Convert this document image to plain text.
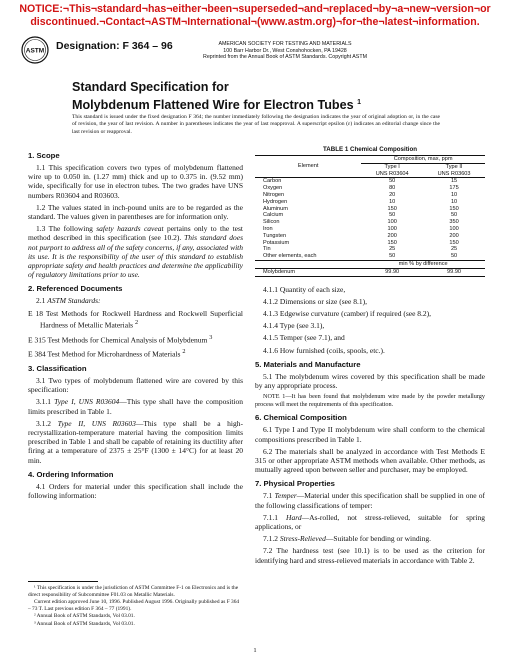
NOTICE:¬This¬standard¬has¬either¬been¬superseded¬and¬replaced¬by¬a¬new¬version¬or
discontinued.¬Contact¬ASTM¬International¬(www.astm.org)¬for¬the¬latest¬information.
ASTM Designation: F 364 – 96	AMERICAN SOCIETY FOR TESTING AND MATERIALS
100 Barr Harbor Dr., West Conshohocken, PA 19428
Reprinted from the Annual Book of ASTM Standards. Copyright ASTM
Standard Specification for
Molybdenum Flattened Wire for Electron Tubes $^1$
This standard is issued under the fixed designation F 364; the number immediately following the designation indicates the year of original adoption or, in the case of revision, the year of last revision. A number in parentheses indicates the year of last reapproval. A superscript epsilon (ε) indicates an editorial change since the last revision or reapproval.
1. Scope

1.1 This specification covers two types of molybdenum flattened wire up to 0.050 in. (1.27 mm) thick and up to 0.375 in. (9.52 mm) wide, specifically for use in electron tubes. The two grades have UNS numbers R03604 and R03603.

1.2 The values stated in inch-pound units are to be regarded as the standard. The values given in parentheses are for information only.

1.3 The following safety hazards caveat pertains only to the test method described in this specification (see 10.2). This standard does not purport to address all of the safety concerns, if any, associated with its use. It is the responsibility of the user of this standard to establish appropriate safety and health practices and determine the applicability of regulatory limitations prior to use.

2. Referenced Documents

2.1 ASTM Standards:

E 18 Test Methods for Rockwell Hardness and Rockwell Superficial Hardness of Metallic Materials $^2$

E 315 Test Methods for Chemical Analysis of Molybdenum $^3$

E 384 Test Method for Microhardness of Materials $^2$

3. Classification

3.1 Two types of molybdenum flattened wire are covered by this specification:

3.1.1 Type I, UNS R03604—This type shall have the composition limits prescribed in Table 1.

3.1.2 Type II, UNS R03603—This type shall be a high-recrystallization-temperature material having the composition limits prescribed in Table 1 and shall be capable of retaining its ductility after firing at a temperature of 2375 ± 25°F (1300 ± 14°C) for at least 20 min.

4. Ordering Information

4.1 Orders for material under this specification shall include the following information:

TABLE 1 Chemical Composition
Element	Composition, max, ppm	
	Type I	Type II
	UNS R03604	UNS R03603
Carbon	50	15
Oxygen	80	175
Nitrogen	20	10
Hydrogen	10	10
Aluminum	150	150
Calcium	50	50
Silicon	100	350
Iron	100	100
Tungsten	200	200
Potassium	150	150
Tin	25	25
Other elements, each	50	50
	min % by difference	
Molybdenum	99.90	99.90

4.1.1 Quantity of each size,

4.1.2 Dimensions or size (see 8.1),

4.1.3 Edgewise curvature (camber) if required (see 8.2),

4.1.4 Type (see 3.1),

4.1.5 Temper (see 7.1), and

4.1.6 How furnished (coils, spools, etc.).

5. Materials and Manufacture

5.1 The molybdenum wires covered by this specification shall be made by any appropriate process.

NOTE 1—It has been found that molybdenum wire made by the powder metallurgy process will meet the requirements of this specification.

6. Chemical Composition

6.1 Type I and Type II molybdenum wire shall conform to the chemical compositions prescribed in Table 1.

6.2 The materials shall be analyzed in accordance with Test Methods E 315 or other appropriate ASTM methods when available. Other methods, as mutually agreed upon between seller and purchaser, may be employed.

7. Physical Properties

7.1 Temper—Material under this specification shall be supplied in one of the following classifications of temper:

7.1.1 Hard—As-rolled, not stress-relieved, suitable for spring applications, or

7.1.2 Stress-Relieved—Suitable for bending or winding.

7.2 The hardness test (see 10.1) is to be used as the criterion for identifying hard and stress-relieved materials in accordance with Table 2.

¹ This specification is under the jurisdiction of ASTM Committee F-1 on Electronics and is the direct responsibility of Subcommittee F01.03 on Metallic Materials.

Current edition approved June 10, 1996. Published August 1996. Originally published as F 364 – 73 T. Last previous edition F 364 – 77 (1991).

² Annual Book of ASTM Standards, Vol 03.01.

³ Annual Book of ASTM Standards, Vol 03.01.

1
